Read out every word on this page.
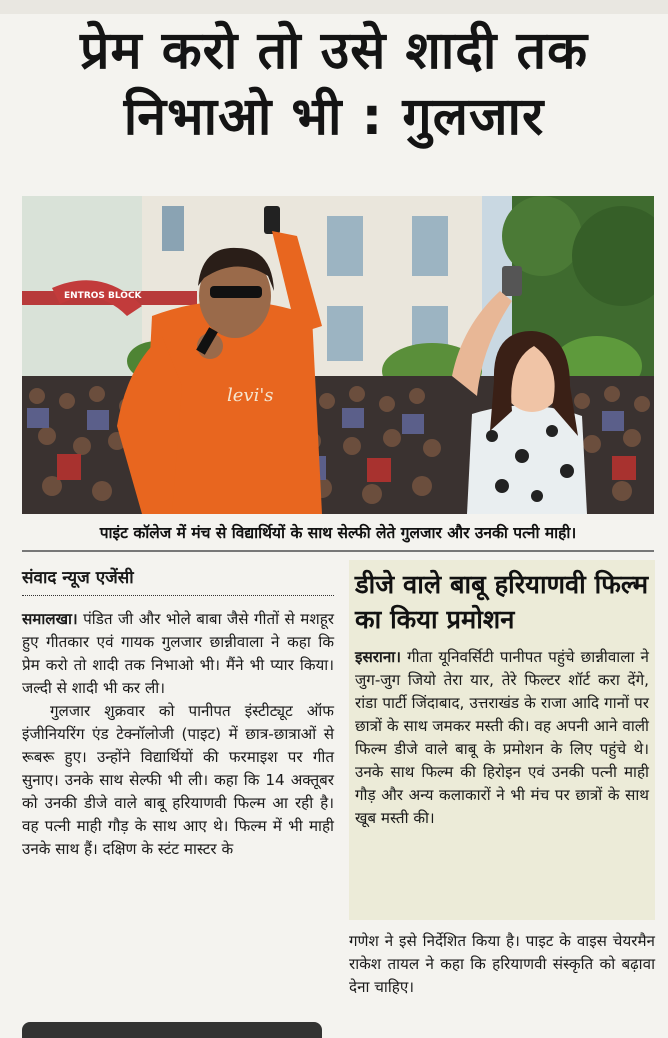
प्रेम करो तो उसे शादी तक
निभाओ भी : गुलजार
ENTROS BLOCK
levi's
पाइंट कॉलेज में मंच से विद्यार्थियों के साथ सेल्फी लेते गुलजार और उनकी पत्नी माही।
संवाद न्यूज एजेंसी

समालखा। पंडित जी और भोले बाबा जैसे गीतों से मशहूर हुए गीतकार एवं गायक गुलजार छान्नीवाला ने कहा कि प्रेम करो तो शादी तक निभाओ भी। मैंने भी प्यार किया। जल्दी से शादी भी कर ली।

गुलजार शुक्रवार को पानीपत इंस्टीट्यूट ऑफ इंजीनियरिंग एंड टेक्नॉलोजी (पाइट) में छात्र-छात्राओं से रूबरू हुए। उन्होंने विद्यार्थियों की फरमाइश पर गीत सुनाए। उनके साथ सेल्फी भी ली। कहा कि 14 अक्तूबर को उनकी डीजे वाले बाबू हरियाणवी फिल्म आ रही है। वह पत्नी माही गौड़ के साथ आए थे। फिल्म में भी माही उनके साथ हैं। दक्षिण के स्टंट मास्टर के

डीजे वाले बाबू हरियाणवी फिल्म का किया प्रमोशन

इसराना। गीता यूनिवर्सिटी पानीपत पहुंचे छान्नीवाला ने जुग-जुग जियो तेरा यार, तेरे फिल्टर शॉर्ट करा देंगे, रांडा पार्टी जिंदाबाद, उत्तराखंड के राजा आदि गानों पर छात्रों के साथ जमकर मस्ती की। वह अपनी आने वाली फिल्म डीजे वाले बाबू के प्रमोशन के लिए पहुंचे थे। उनके साथ फिल्म की हिरोइन एवं उनकी पत्नी माही गौड़ और अन्य कलाकारों ने भी मंच पर छात्रों के साथ खूब मस्ती की।

गणेश ने इसे निर्देशित किया है। पाइट के वाइस चेयरमैन राकेश तायल ने कहा कि हरियाणवी संस्कृति को बढ़ावा देना चाहिए।
